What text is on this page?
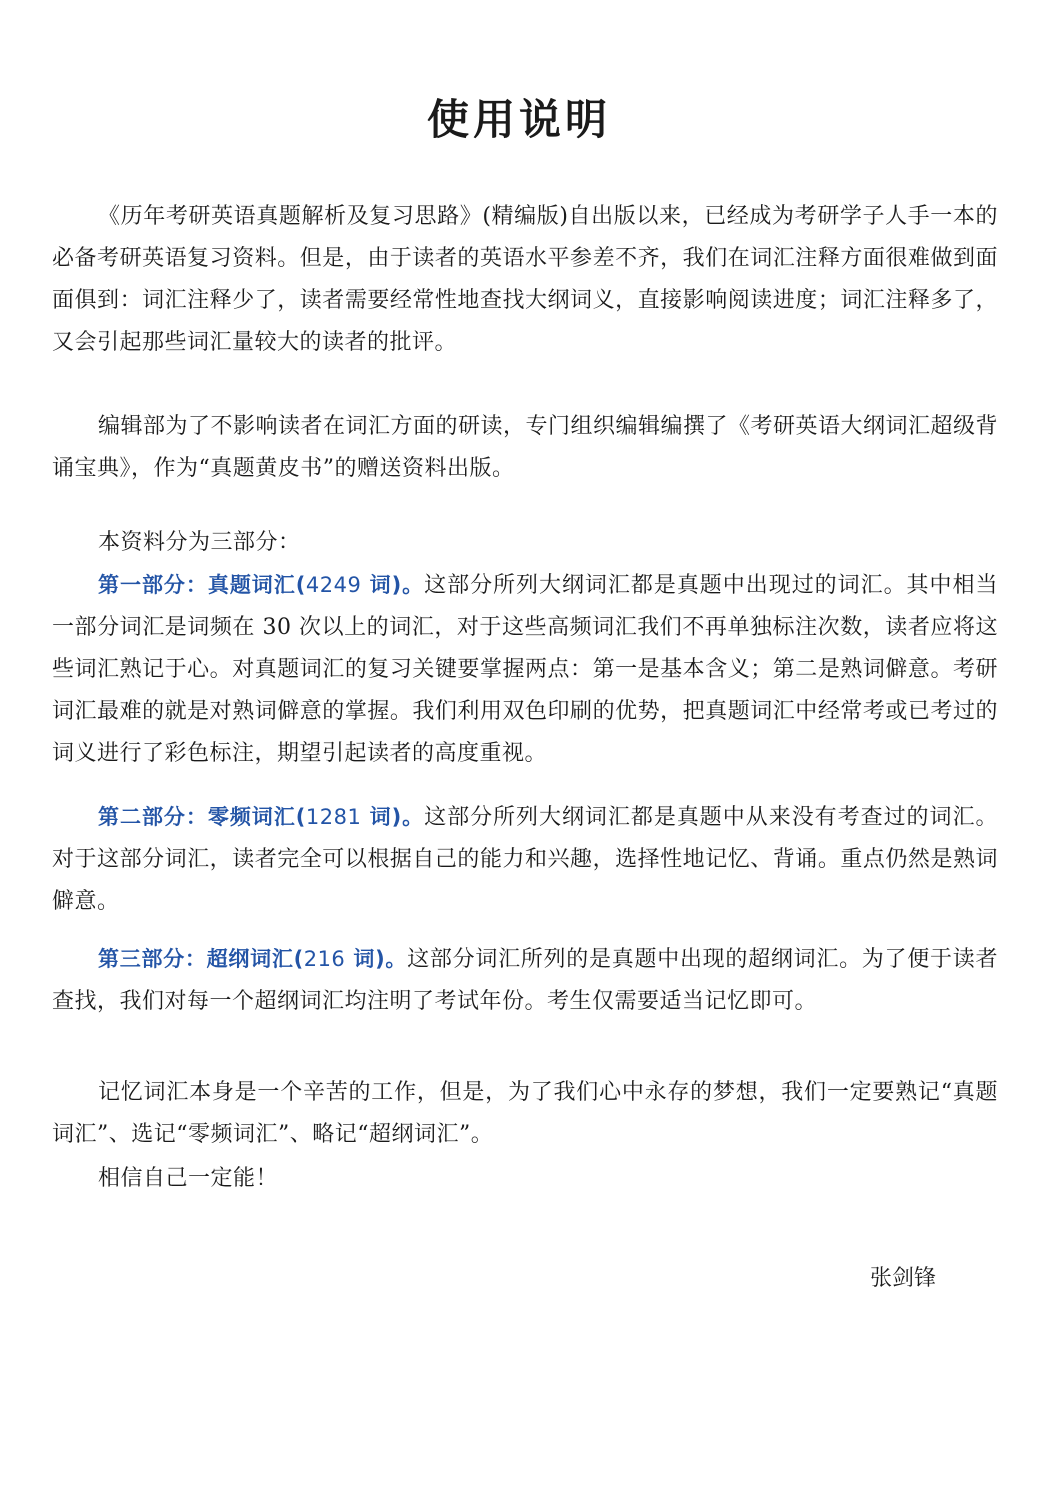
使用说明

《历年考研英语真题解析及复习思路》(精编版)自出版以来，已经成为考研学子人手一本的必备考研英语复习资料。但是，由于读者的英语水平参差不齐，我们在词汇注释方面很难做到面面俱到：词汇注释少了，读者需要经常性地查找大纲词义，直接影响阅读进度；词汇注释多了，又会引起那些词汇量较大的读者的批评。

编辑部为了不影响读者在词汇方面的研读，专门组织编辑编撰了《考研英语大纲词汇超级背诵宝典》，作为“真题黄皮书”的赠送资料出版。

本资料分为三部分：

第一部分：真题词汇(4249 词)。这部分所列大纲词汇都是真题中出现过的词汇。其中相当一部分词汇是词频在 30 次以上的词汇，对于这些高频词汇我们不再单独标注次数，读者应将这些词汇熟记于心。对真题词汇的复习关键要掌握两点：第一是基本含义；第二是熟词僻意。考研词汇最难的就是对熟词僻意的掌握。我们利用双色印刷的优势，把真题词汇中经常考或已考过的词义进行了彩色标注，期望引起读者的高度重视。

第二部分：零频词汇(1281 词)。这部分所列大纲词汇都是真题中从来没有考查过的词汇。对于这部分词汇，读者完全可以根据自己的能力和兴趣，选择性地记忆、背诵。重点仍然是熟词僻意。

第三部分：超纲词汇(216 词)。这部分词汇所列的是真题中出现的超纲词汇。为了便于读者查找，我们对每一个超纲词汇均注明了考试年份。考生仅需要适当记忆即可。

记忆词汇本身是一个辛苦的工作，但是，为了我们心中永存的梦想，我们一定要熟记“真题词汇”、选记“零频词汇”、略记“超纲词汇”。

相信自己一定能！

张剑锋
